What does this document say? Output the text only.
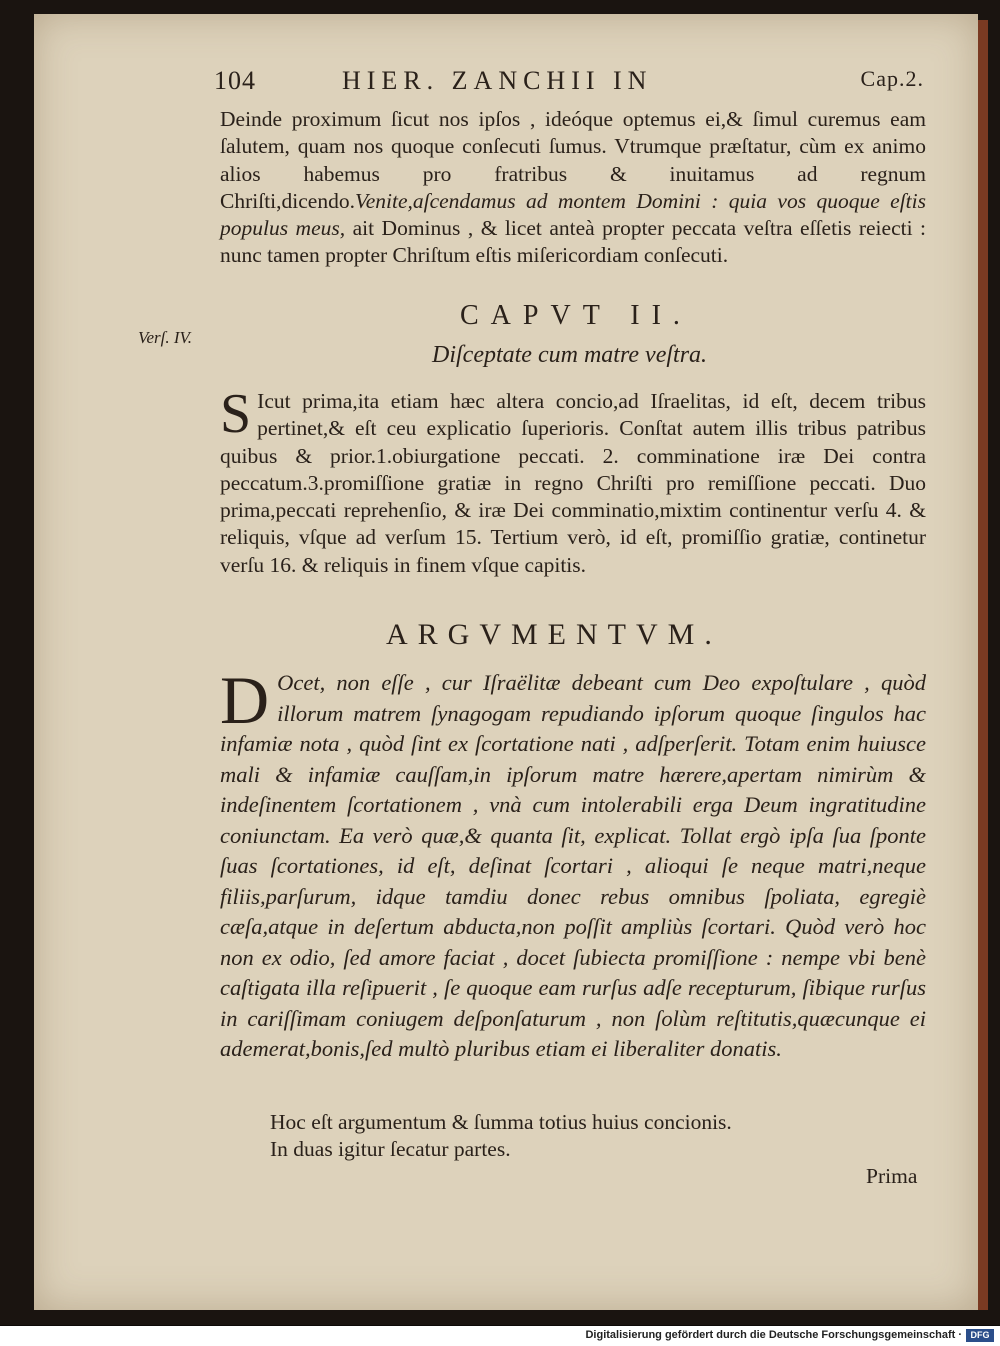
104	HIER. ZANCHII IN	Cap.2.
Deinde proximum ſicut nos ipſos , ideóque optemus ei,& ſimul curemus eam ſalutem, quam nos quoque conſecuti ſumus. Vtrumque præſtatur, cùm ex animo alios habemus pro fratribus & inuitamus ad regnum Chriſti,dicendo.Venite,aſcendamus ad montem Domini : quia vos quoque eſtis populus meus, ait Dominus , & licet anteà propter peccata veſtra eſſetis reiecti : nunc tamen propter Chriſtum eſtis miſericordiam conſecuti.
Verſ. IV.
CAPVT II.
Diſceptate cum matre veſtra.
S Icut prima,ita etiam hæc altera concio,ad Iſraelitas, id eſt, decem tribus pertinet,& eſt ceu explicatio ſuperioris. Conſtat autem illis tribus patribus quibus & prior.1.obiurgatione peccati. 2. comminatione iræ Dei contra peccatum.3.promiſſione gratiæ in regno Chriſti pro remiſſione peccati. Duo prima,peccati reprehenſio, & iræ Dei comminatio,mixtim continentur verſu 4. & reliquis, vſque ad verſum 15. Tertium verò, id eſt, promiſſio gratiæ, continetur verſu 16. & reliquis in finem vſque capitis.
ARGVMENTVM.
D Ocet, non eſſe , cur Iſraëlitæ debeant cum Deo expoſtulare , quòd illorum matrem ſynagogam repudiando ipſorum quoque ſingulos hac infamiæ nota , quòd ſint ex ſcortatione nati , adſperſerit. Totam enim huiusce mali & infamiæ cauſſam,in ipſorum matre hærere,apertam nimirùm & indeſinentem ſcortationem , vnà cum intolerabili erga Deum ingratitudine coniunctam. Ea verò quæ,& quanta ſit, explicat. Tollat ergò ipſa ſua ſponte ſuas ſcortationes, id eſt, deſinat ſcortari , alioqui ſe neque matri,neque filiis,parſurum, idque tamdiu donec rebus omnibus ſpoliata, egregiè cæſa,atque in deſertum abducta,non poſſit ampliùs ſcortari. Quòd verò hoc non ex odio, ſed amore faciat , docet ſubiecta promiſſione : nempe vbi benè caſtigata illa reſipuerit , ſe quoque eam rurſus adſe recepturum, ſibique rurſus in cariſſimam coniugem deſponſaturum , non ſolùm reſtitutis,quæcunque ei ademerat,bonis,ſed multò pluribus etiam ei liberaliter donatis.
Hoc eſt argumentum & ſumma totius huius concionis.
In duas igitur ſecatur partes.
Prima
Digitalisierung gefördert durch die Deutsche Forschungsgemeinschaft · DFG
